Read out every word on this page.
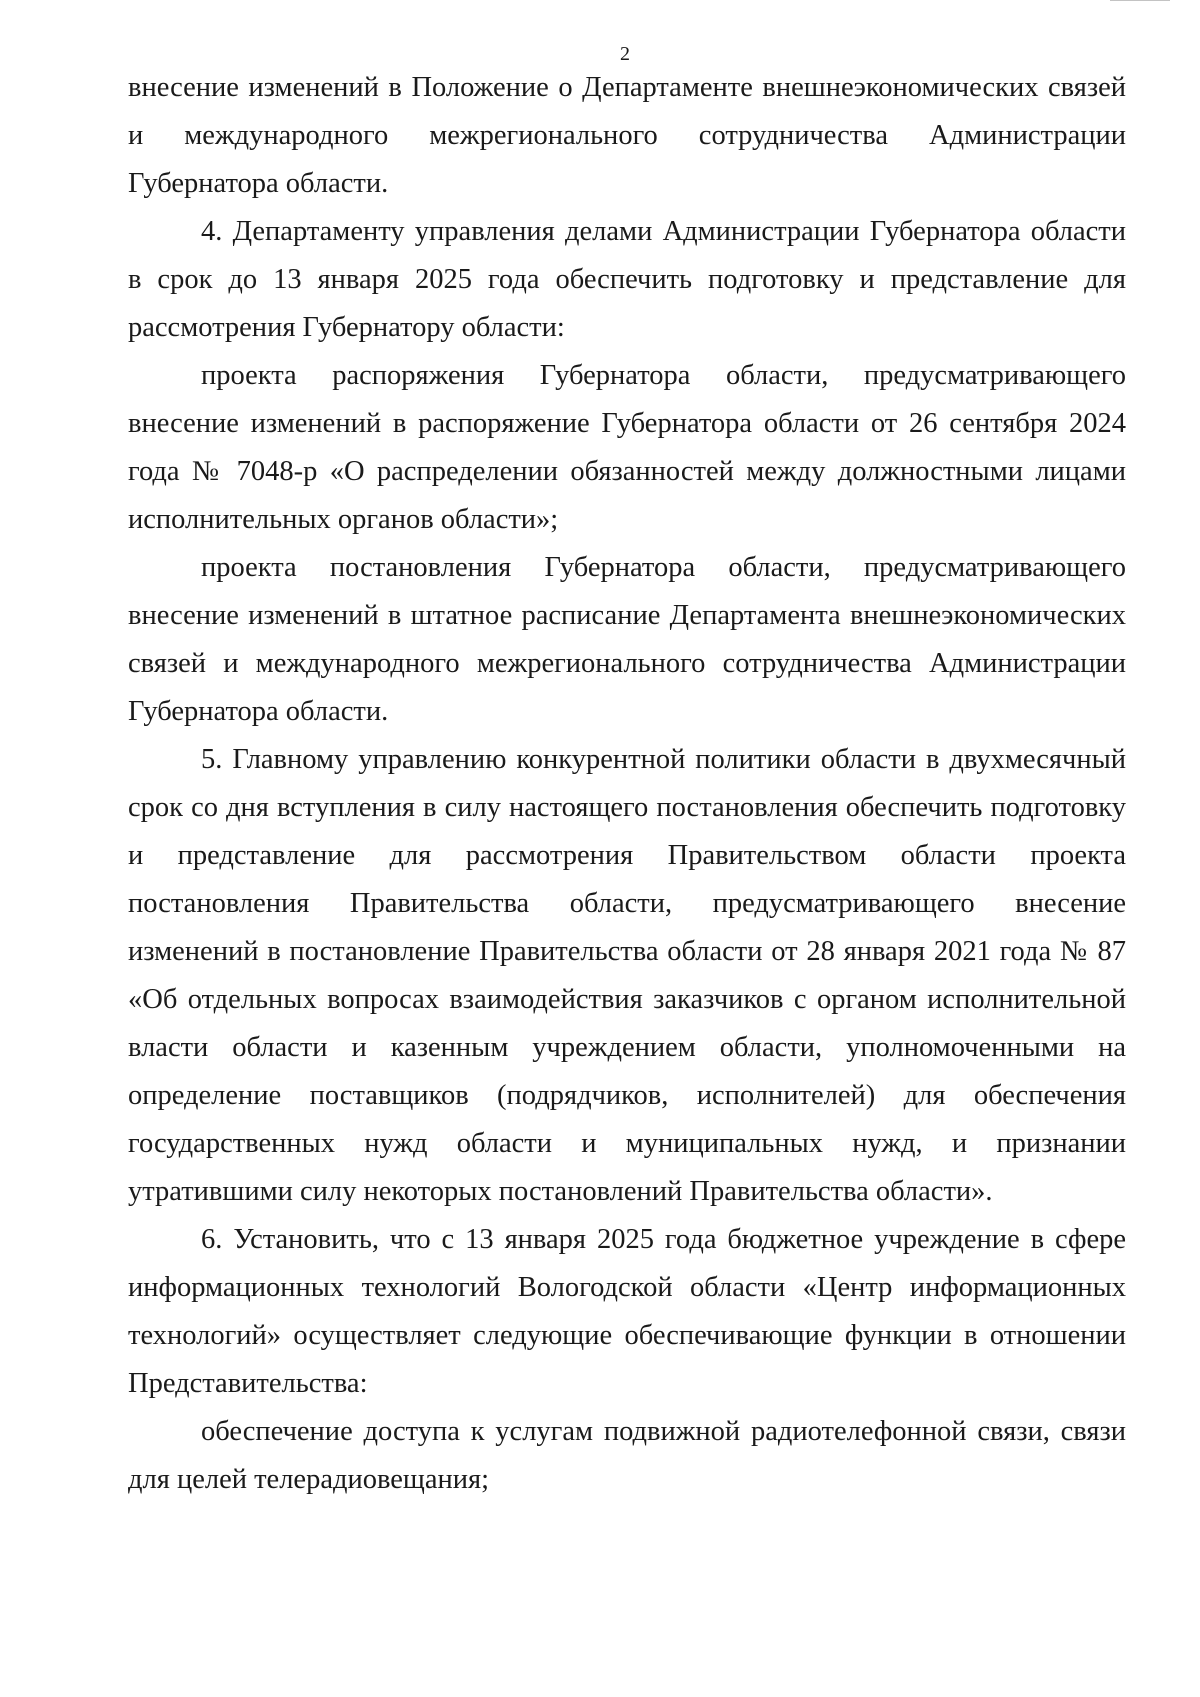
2

внесение изменений в Положение о Департаменте внешнеэкономических связей и международного межрегионального сотрудничества Администрации Губернатора области.

4. Департаменту управления делами Администрации Губернатора области в срок до 13 января 2025 года обеспечить подготовку и представление для рассмотрения Губернатору области:

проекта распоряжения Губернатора области, предусматривающего внесение изменений в распоряжение Губернатора области от 26 сентября 2024 года № 7048-р «О распределении обязанностей между должностными лицами исполнительных органов области»;

проекта постановления Губернатора области, предусматривающего внесение изменений в штатное расписание Департамента внешнеэкономических связей и международного межрегионального сотрудничества Администрации Губернатора области.

5. Главному управлению конкурентной политики области в двухмесячный срок со дня вступления в силу настоящего постановления обеспечить подготовку и представление для рассмотрения Правительством области проекта постановления Правительства области, предусматривающего внесение изменений в постановление Правительства области от 28 января 2021 года № 87 «Об отдельных вопросах взаимодействия заказчиков с органом исполнительной власти области и казенным учреждением области, уполномоченными на определение поставщиков (подрядчиков, исполнителей) для обеспечения государственных нужд области и муниципальных нужд, и признании утратившими силу некоторых постановлений Правительства области».

6. Установить, что с 13 января 2025 года бюджетное учреждение в сфере информационных технологий Вологодской области «Центр информационных технологий» осуществляет следующие обеспечивающие функции в отношении Представительства:

обеспечение доступа к услугам подвижной радиотелефонной связи, связи для целей телерадиовещания;
